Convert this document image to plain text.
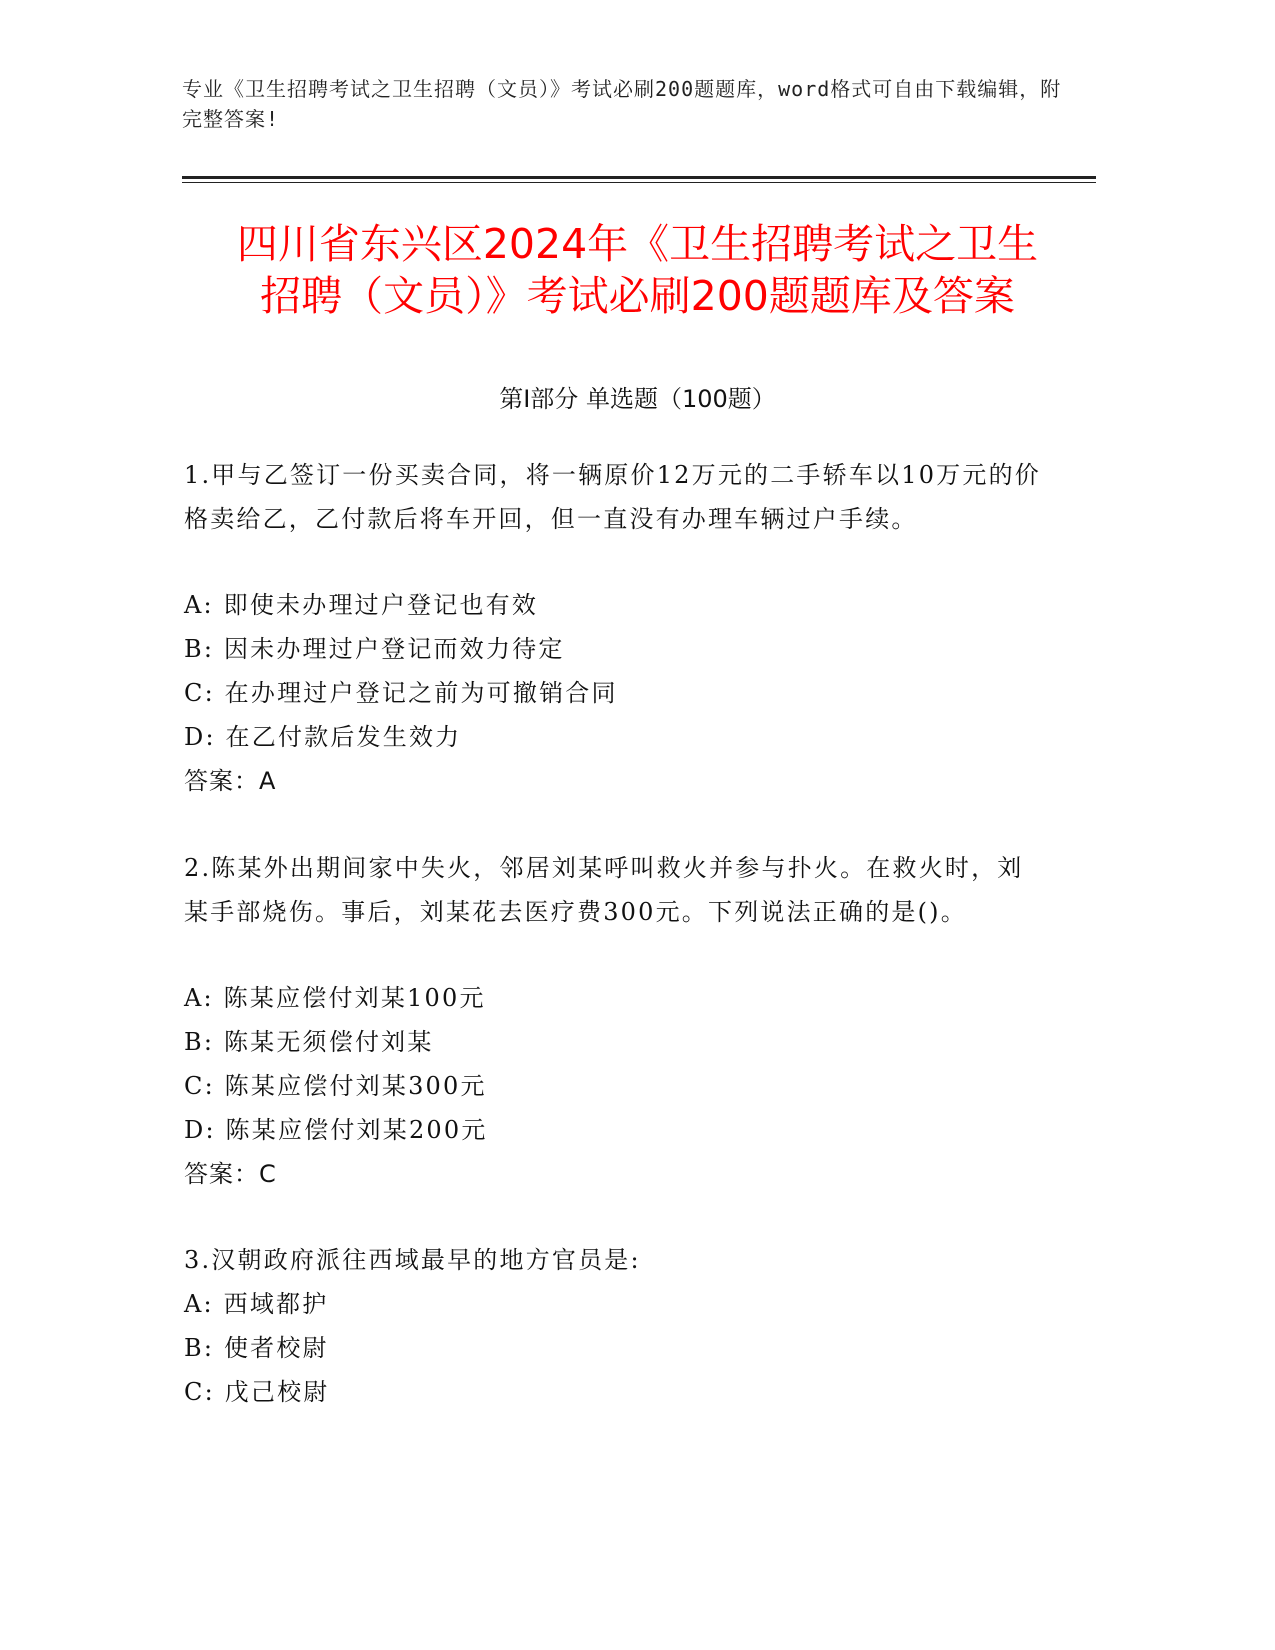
专业《卫生招聘考试之卫生招聘（文员）》考试必刷200题题库，word格式可自由下载编辑，附完整答案!
四川省东兴区2024年《卫生招聘考试之卫生
招聘（文员）》考试必刷200题题库及答案
第Ⅰ部分 单选题（100题）

1.甲与乙签订一份买卖合同，将一辆原价12万元的二手轿车以10万元的价格卖给乙，乙付款后将车开回，但一直没有办理车辆过户手续。

A: 即使未办理过户登记也有效

B: 因未办理过户登记而效力待定

C: 在办理过户登记之前为可撤销合同

D: 在乙付款后发生效力

答案：A

2.陈某外出期间家中失火，邻居刘某呼叫救火并参与扑火。在救火时，刘某手部烧伤。事后，刘某花去医疗费300元。下列说法正确的是()。

A: 陈某应偿付刘某100元

B: 陈某无须偿付刘某

C: 陈某应偿付刘某300元

D: 陈某应偿付刘某200元

答案：C

3.汉朝政府派往西域最早的地方官员是:

A: 西域都护

B: 使者校尉

C: 戊己校尉
